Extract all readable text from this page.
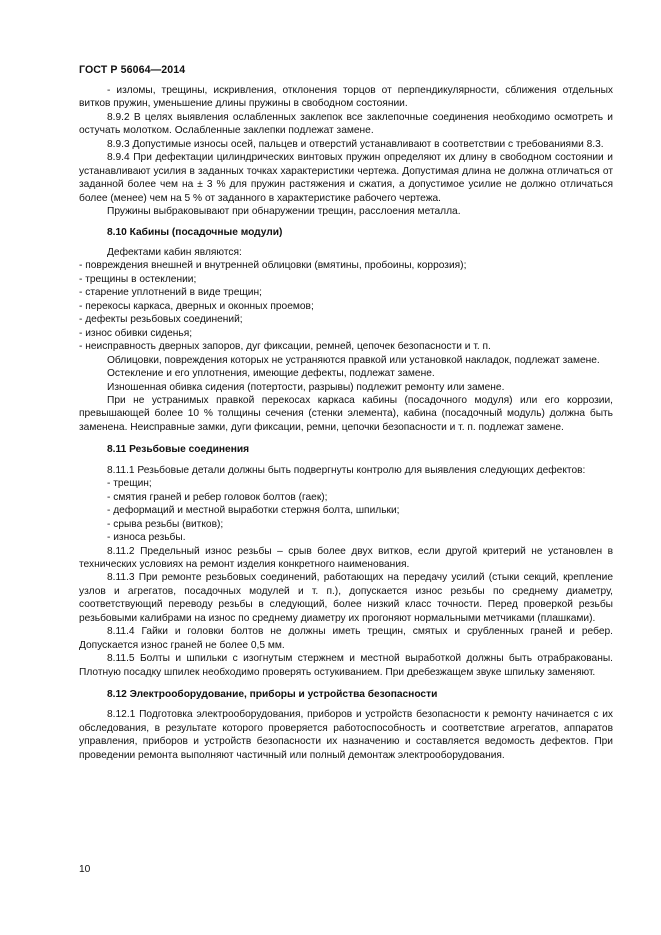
ГОСТ Р 56064—2014

- изломы, трещины, искривления, отклонения торцов от перпендикулярности, сближения отдельных витков пружин, уменьшение длины пружины в свободном состоянии.

8.9.2 В целях выявления ослабленных заклепок все заклепочные соединения необходимо осмотреть и остучать молотком. Ослабленные заклепки подлежат замене.

8.9.3 Допустимые износы осей, пальцев и отверстий устанавливают в соответствии с требованиями 8.3.

8.9.4 При дефектации цилиндрических винтовых пружин определяют их длину в свободном состоянии и устанавливают усилия в заданных точках характеристики чертежа. Допустимая длина не должна отличаться от заданной более чем на ± 3 % для пружин растяжения и сжатия, а допустимое усилие не должно отличаться более (менее) чем на 5 % от заданного в характеристике рабочего чертежа.

Пружины выбраковывают при обнаружении трещин, расслоения металла.

8.10 Кабины (посадочные модули)

Дефектами кабин являются:

- повреждения внешней и внутренней облицовки (вмятины, пробоины, коррозия);

- трещины в остеклении;

- старение уплотнений в виде трещин;

- перекосы каркаса, дверных и оконных проемов;

- дефекты резьбовых соединений;

- износ обивки сиденья;

- неисправность дверных запоров, дуг фиксации, ремней, цепочек безопасности и т. п.

Облицовки, повреждения которых не устраняются правкой или установкой накладок, подлежат замене.

Остекление и его уплотнения, имеющие дефекты, подлежат замене.

Изношенная обивка сидения (потертости, разрывы) подлежит ремонту или замене.

При не устранимых правкой перекосах каркаса кабины (посадочного модуля) или его коррозии, превышающей более 10 % толщины сечения (стенки элемента), кабина (посадочный модуль) должна быть заменена. Неисправные замки, дуги фиксации, ремни, цепочки безопасности и т. п. подлежат замене.

8.11 Резьбовые соединения

8.11.1 Резьбовые детали должны быть подвергнуты контролю для выявления следующих дефектов:

- трещин;

- смятия граней и ребер головок болтов (гаек);

- деформаций и местной выработки стержня болта, шпильки;

- срыва резьбы (витков);

- износа резьбы.

8.11.2 Предельный износ резьбы – срыв более двух витков, если другой критерий не установлен в технических условиях на ремонт изделия конкретного наименования.

8.11.3 При ремонте резьбовых соединений, работающих на передачу усилий (стыки секций, крепление узлов и агрегатов, посадочных модулей и т. п.), допускается износ резьбы по среднему диаметру, соответствующий переводу резьбы в следующий, более низкий класс точности. Перед проверкой резьбы резьбовыми калибрами на износ по среднему диаметру их прогоняют нормальными метчиками (плашками).

8.11.4 Гайки и головки болтов не должны иметь трещин, смятых и срубленных граней и ребер. Допускается износ граней не более 0,5 мм.

8.11.5 Болты и шпильки с изогнутым стержнем и местной выработкой должны быть отрабракованы. Плотную посадку шпилек необходимо проверять остукиванием. При дребезжащем звуке шпильку заменяют.

8.12 Электрооборудование, приборы и устройства безопасности

8.12.1 Подготовка электрооборудования, приборов и устройств безопасности к ремонту начинается с их обследования, в результате которого проверяется работоспособность и соответствие агрегатов, аппаратов управления, приборов и устройств безопасности их назначению и составляется ведомость дефектов. При проведении ремонта выполняют частичный или полный демонтаж электрооборудования.

10
